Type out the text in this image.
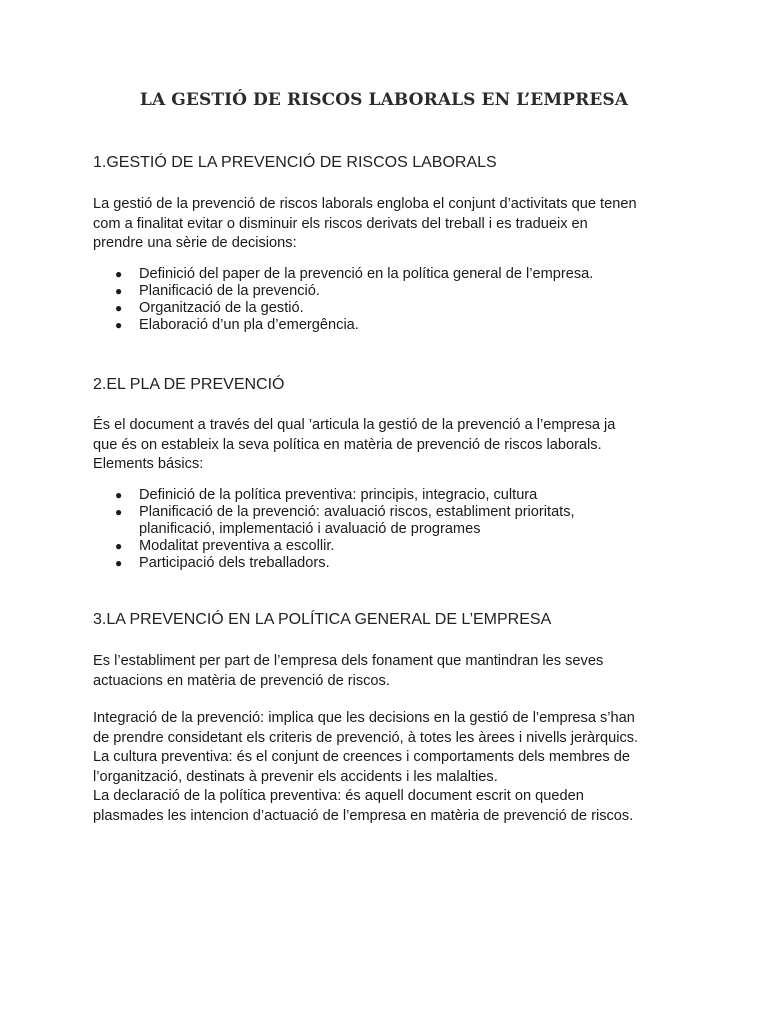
LA GESTIÓ DE RISCOS LABORALS EN L’EMPRESA
1.GESTIÓ DE LA PREVENCIÓ DE RISCOS LABORALS

La gestió de la prevenció de riscos laborals engloba el conjunt d’activitats que tenen
com a finalitat evitar o disminuir els riscos derivats del treball i es tradueix en
prendre una sèrie de decisions:

● Definició del paper de la prevenció en la política general de l’empresa.
● Planificació de la prevenció.
● Organització de la gestió.
● Elaboració d’un pla d’emergência.
2.EL PLA DE PREVENCIÓ

És el document a través del qual ’articula la gestió de la prevenció a l’empresa ja
que és on estableix la seva política en matèria de prevenció de riscos laborals.
Elements básics:

● Definició de la política preventiva: principis, integracio, cultura
● Planificació de la prevenció: avaluació riscos, establiment prioritats,
planificació, implementació i avaluació de programes
● Modalitat preventiva a escollir.
● Participació dels treballadors.
3.LA PREVENCIÓ EN LA POLÍTICA GENERAL DE L’EMPRESA

Es l’establiment per part de l’empresa dels fonament que mantindran les seves
actuacions en matèria de prevenció de riscos.

Integració de la prevenció: implica que les decisions en la gestió de l’empresa s’han
de prendre considetant els criteris de prevenció, à totes les àrees i nivells jeràrquics.
La cultura preventiva: és el conjunt de creences i comportaments dels membres de
l’organització, destinats à prevenir els accidents i les malalties.
La declaració de la política preventiva: és aquell document escrit on queden
plasmades les intencion d’actuació de l’empresa en matèria de prevenció de riscos.
